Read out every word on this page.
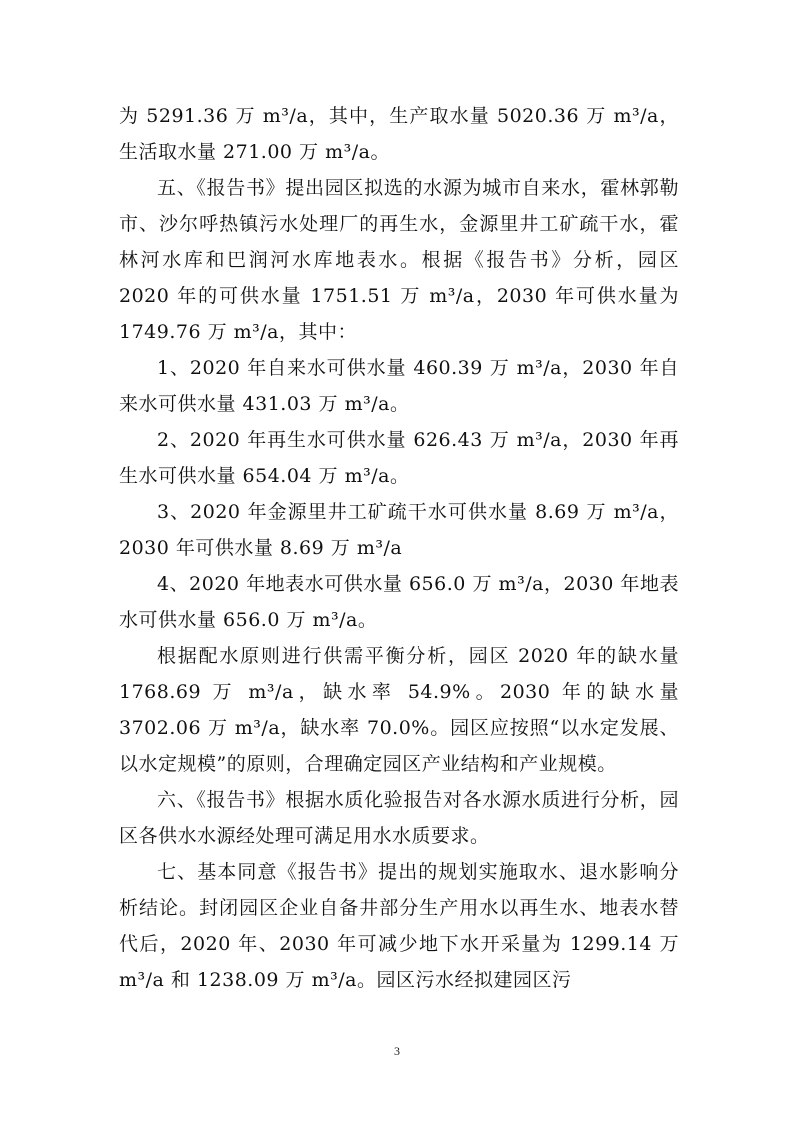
为 5291.36 万 m³/a，其中，生产取水量 5020.36 万 m³/a，生活取水量 271.00 万 m³/a。

五、《报告书》提出园区拟选的水源为城市自来水，霍林郭勒市、沙尔呼热镇污水处理厂的再生水，金源里井工矿疏干水，霍林河水库和巴润河水库地表水。根据《报告书》分析，园区 2020 年的可供水量 1751.51 万 m³/a，2030 年可供水量为 1749.76 万 m³/a，其中：

1、2020 年自来水可供水量 460.39 万 m³/a，2030 年自来水可供水量 431.03 万 m³/a。

2、2020 年再生水可供水量 626.43 万 m³/a，2030 年再生水可供水量 654.04 万 m³/a。

3、2020 年金源里井工矿疏干水可供水量 8.69 万 m³/a，2030 年可供水量 8.69 万 m³/a

4、2020 年地表水可供水量 656.0 万 m³/a，2030 年地表水可供水量 656.0 万 m³/a。

根据配水原则进行供需平衡分析，园区 2020 年的缺水量 1768.69 万 m³/a，缺水率 54.9%。2030 年的缺水量 3702.06 万 m³/a，缺水率 70.0%。园区应按照“以水定发展、以水定规模”的原则，合理确定园区产业结构和产业规模。

六、《报告书》根据水质化验报告对各水源水质进行分析，园区各供水水源经处理可满足用水水质要求。

七、基本同意《报告书》提出的规划实施取水、退水影响分析结论。封闭园区企业自备井部分生产用水以再生水、地表水替代后，2020 年、2030 年可减少地下水开采量为 1299.14 万 m³/a 和 1238.09 万 m³/a。园区污水经拟建园区污

3
